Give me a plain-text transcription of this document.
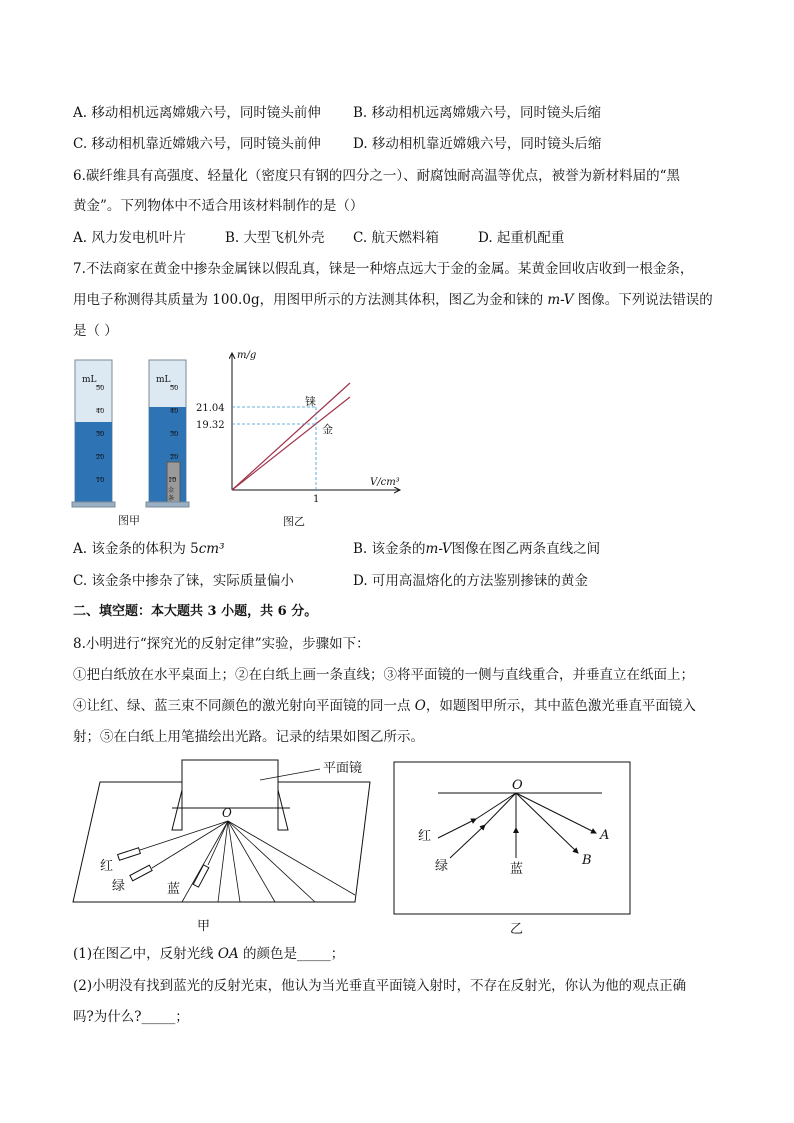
A. 移动相机远离嫦娥六号，同时镜头前伸 B. 移动相机远离嫦娥六号，同时镜头后缩
C. 移动相机靠近嫦娥六号，同时镜头前伸 D. 移动相机靠近嫦娥六号，同时镜头后缩
6.碳纤维具有高强度、轻量化（密度只有钢的四分之一）、耐腐蚀耐高温等优点，被誉为新材料届的“黑
黄金”。下列物体中不适合用该材料制作的是（）
A. 风力发电机叶片	B. 大型飞机外壳 C. 航天燃料箱	D. 起重机配重
7.不法商家在黄金中掺杂金属铼以假乱真，铼是一种熔点远大于金的金属。某黄金回收店收到一根金条，
用电子称测得其质量为 100.0g，用图甲所示的方法测其体积，图乙为金和铼的 m-V 图像。下列说法错误的
是（ ）
mL
50
40
30
20
10
mL
50
40
30
20
10
金
条
图甲
m/g
V/cm³
21.04
19.32
1
铼
金
图乙
A. 该金条的体积为 5cm³	B. 该金条的m-V图像在图乙两条直线之间
C. 该金条中掺杂了铼，实际质量偏小	D. 可用高温熔化的方法鉴别掺铼的黄金
二、填空题：本大题共 3 小题，共 6 分。
8.小明进行“探究光的反射定律”实验，步骤如下：
①把白纸放在水平桌面上；②在白纸上画一条直线；③将平面镜的一侧与直线重合，并垂直立在纸面上；
④让红、绿、蓝三束不同颜色的激光射向平面镜的同一点 O，如题图甲所示，其中蓝色激光垂直平面镜入
射；⑤在白纸上用笔描绘出光路。记录的结果如图乙所示。
平面镜
O
红
绿	蓝
甲
O
A
B
红
绿	蓝
乙
(1)在图乙中，反射光线 OA 的颜色是_____；
(2)小明没有找到蓝光的反射光束，他认为当光垂直平面镜入射时，不存在反射光，你认为他的观点正确
吗?为什么?_____；
